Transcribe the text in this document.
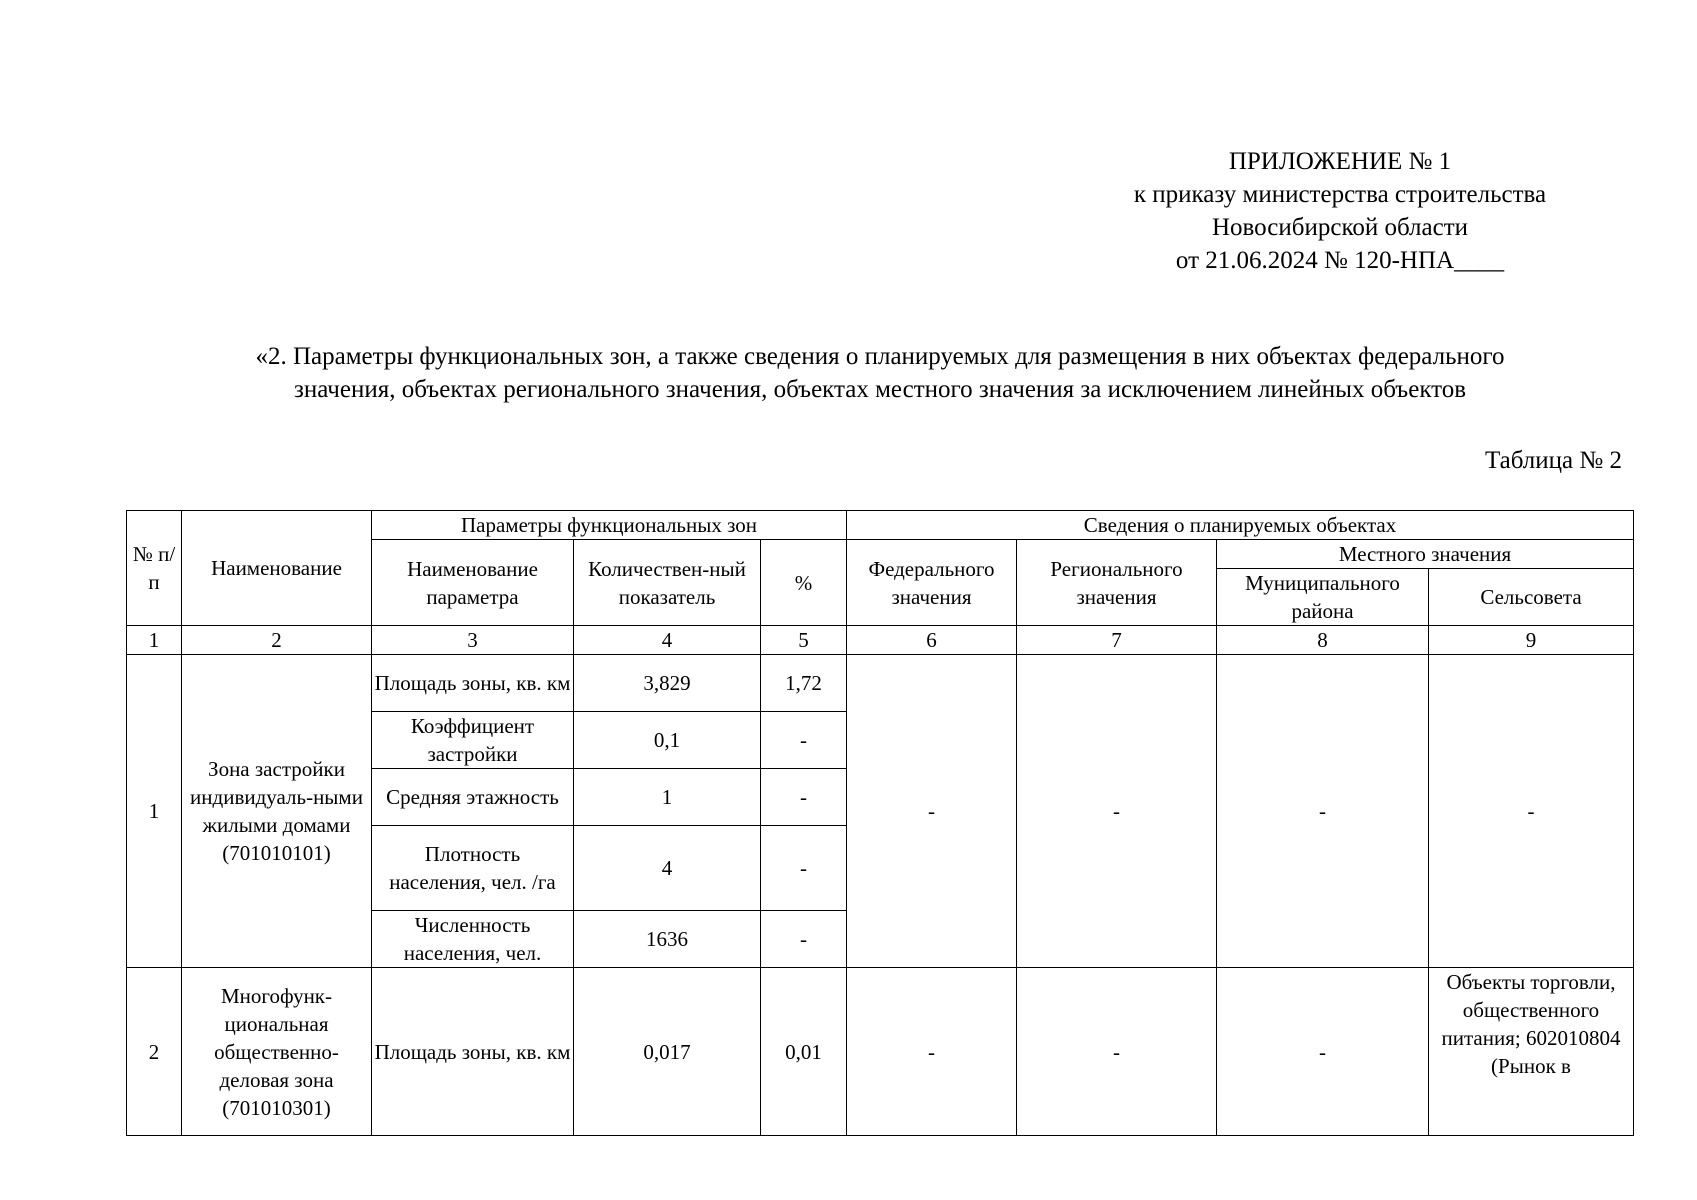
ПРИЛОЖЕНИЕ № 1
к приказу министерства строительства
Новосибирской области
от 21.06.2024 № 120-НПА____
«2. Параметры функциональных зон, а также сведения о планируемых для размещения в них объектах федерального
значения, объектах регионального значения, объектах местного значения за исключением линейных объектов
Таблица № 2
№ п/п	Наименование	Параметры функциональных зон			Сведения о планируемых объектах			
		Наименование параметра	Количествен-ный показатель	%	Федерального значения	Регионального значения	Местного значения	
							Муниципального района	Сельсовета
1	2	3	4	5	6	7	8	9
1	Зона застройки индивидуаль-ными жилыми домами (701010101)	Площадь зоны, кв. км	3,829	1,72	-	-	-	-
		Коэффициент застройки	0,1	-				
		Средняя этажность	1	-				
		Плотность населения, чел. /га	4	-				
		Численность населения, чел.	1636	-				
2	Многофунк-циональная общественно-деловая зона (701010301)	Площадь зоны, кв. км	0,017	0,01	-	-	-	Объекты торговли, общественного питания; 602010804 (Рынок в
